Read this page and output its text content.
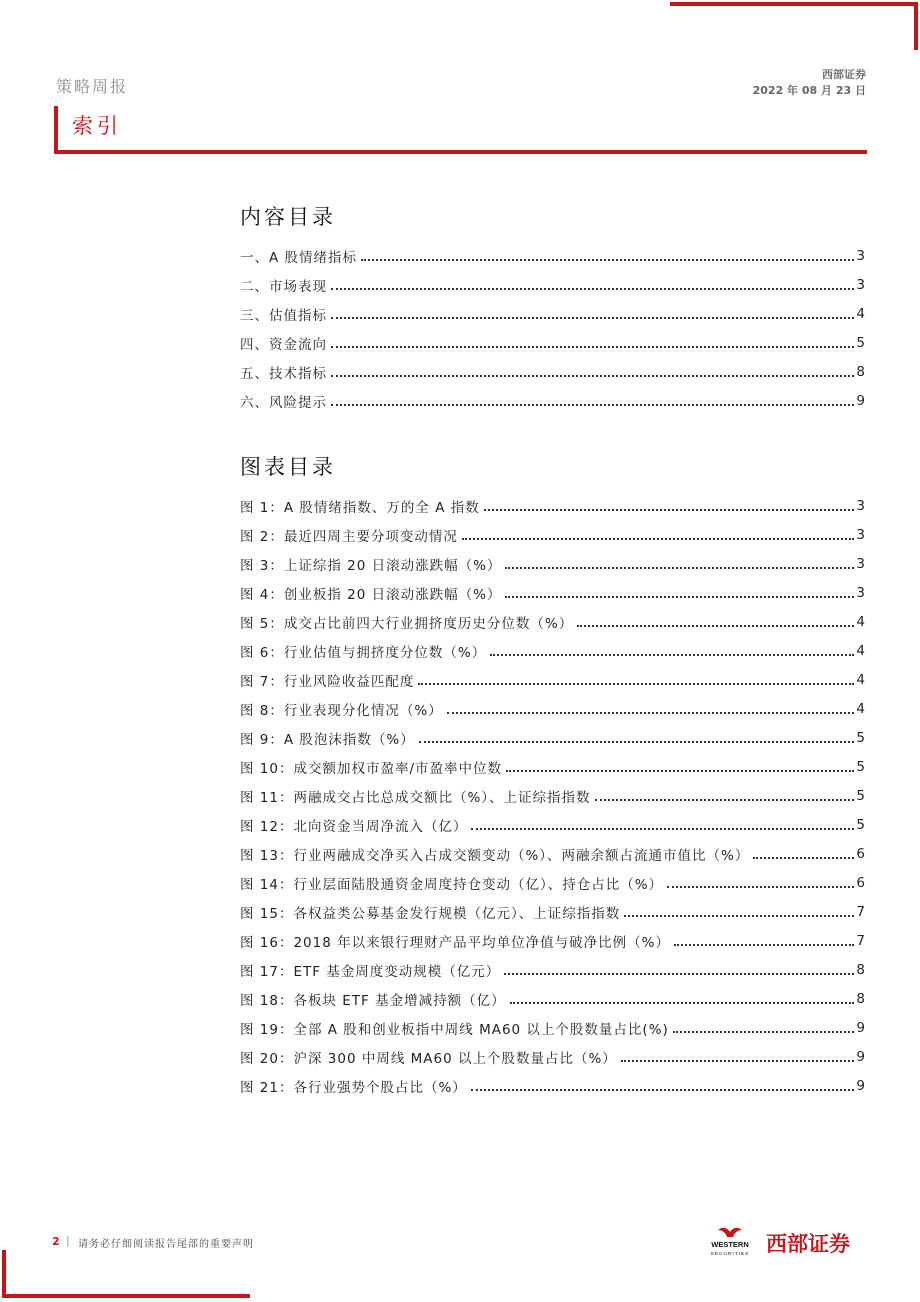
策略周报
西部证券
2022 年 08 月 23 日
索引
内容目录
一、A 股情绪指标	3
二、市场表现	3
三、估值指标	4
四、资金流向	5
五、技术指标	8
六、风险提示	9
图表目录
图 1：A 股情绪指数、万的全 A 指数	3
图 2：最近四周主要分项变动情况	3
图 3：上证综指 20 日滚动涨跌幅（%）	3
图 4：创业板指 20 日滚动涨跌幅（%）	3
图 5：成交占比前四大行业拥挤度历史分位数（%）	4
图 6：行业估值与拥挤度分位数（%）	4
图 7：行业风险收益匹配度	4
图 8：行业表现分化情况（%）	4
图 9：A 股泡沫指数（%）	5
图 10：成交额加权市盈率/市盈率中位数	5
图 11：两融成交占比总成交额比（%）、上证综指指数	5
图 12：北向资金当周净流入（亿）	5
图 13：行业两融成交净买入占成交额变动（%）、两融余额占流通市值比（%）	6
图 14：行业层面陆股通资金周度持仓变动（亿）、持仓占比（%）	6
图 15：各权益类公募基金发行规模（亿元）、上证综指指数	7
图 16：2018 年以来银行理财产品平均单位净值与破净比例（%）	7
图 17：ETF 基金周度变动规模（亿元）	8
图 18：各板块 ETF 基金增减持额（亿）	8
图 19：全部 A 股和创业板指中周线 MA60 以上个股数量占比(%)	9
图 20：沪深 300 中周线 MA60 以上个股数量占比（%）	9
图 21：各行业强势个股占比（%）	9
2 | 请务必仔细阅读报告尾部的重要声明	WESTERN
SECURITIES 西部证券
